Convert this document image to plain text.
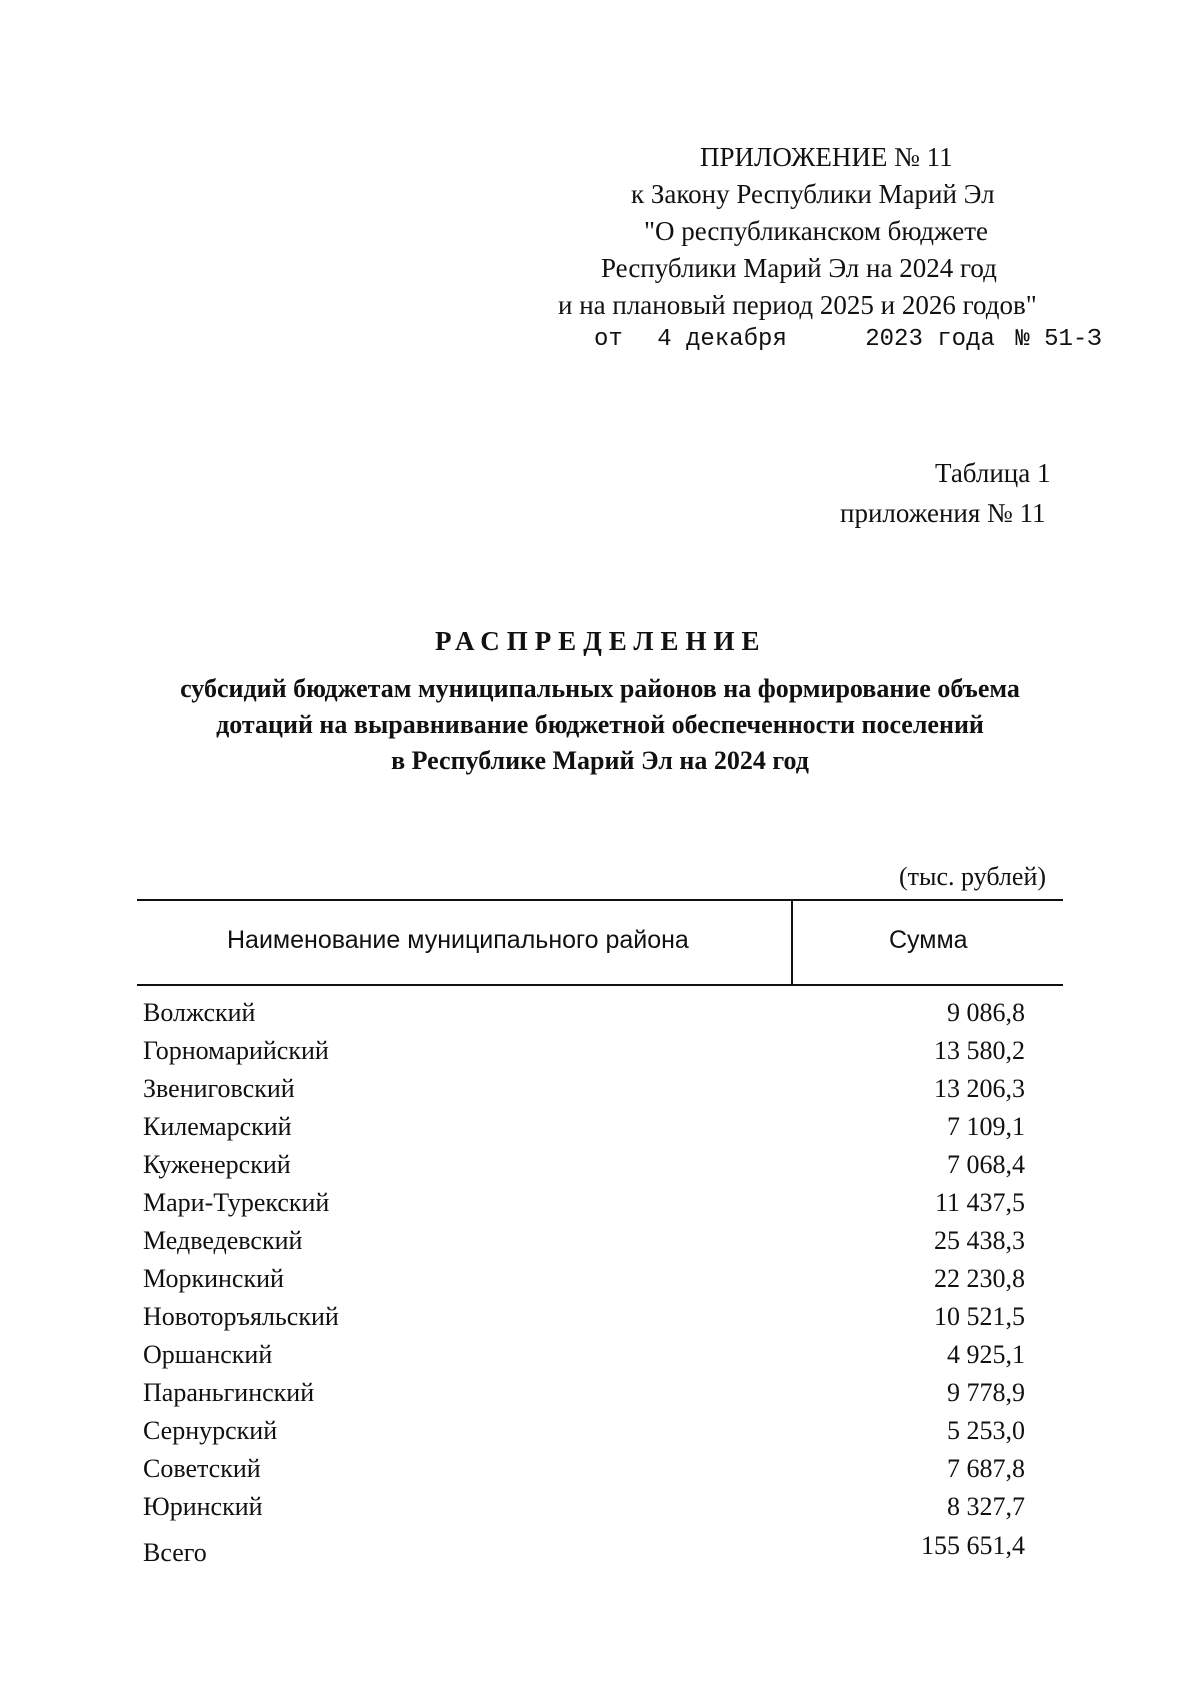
ПРИЛОЖЕНИЕ № 11
к Закону Республики Марий Эл
"О республиканском бюджете
Республики Марий Эл на 2024 год
и на плановый период 2025 и 2026 годов"
от 4 декабря	2023 года № 51-З
Таблица 1
приложения № 11
РАСПРЕДЕЛЕНИЕ
субсидий бюджетам муниципальных районов на формирование объема
дотаций на выравнивание бюджетной обеспеченности поселений
в Республике Марий Эл на 2024 год
(тыс. рублей)
Наименование муниципального района	Сумма
Волжский	9 086,8
Горномарийский	13 580,2
Звениговский	13 206,3
Килемарский	7 109,1
Куженерский	7 068,4
Мари-Турекский	11 437,5
Медведевский	25 438,3
Моркинский	22 230,8
Новоторъяльский	10 521,5
Оршанский	4 925,1
Параньгинский	9 778,9
Сернурский	5 253,0
Советский	7 687,8
Юринский	8 327,7
Всего	155 651,4
